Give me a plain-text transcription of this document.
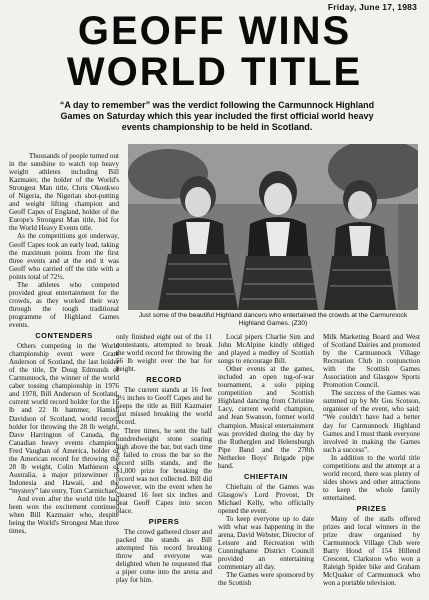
Friday, June 17, 1983
GEOFF WINS
WORLD TITLE
“A day to remember” was the verdict following the Carmunnock Highland Games on Saturday which this year included the first official world heavy events championship to be held in Scotland.
Just some of the beautiful Highland dancers who entertained the crowds at the Carmunnock Highland Games. (Z30)

Thousands of people turned out in the sunshine to watch top heavy weight athletes including Bill Kazmaier, the holder of the World's Strongest Man title, Chris Okonkwo of Nigeria, the Nigerian shot-putting and weight lifting champion and Geoff Capes of England, holder of the Europe's Strongest Man title, bid for the World Heavy Events title.

As the competitions got underway, Geoff Capes took an early lead, taking the maximum points from the first three events and at the end it was Geoff who carried off the title with a points total of 72½.

The athletes who competed provided great entertainment for the crowds, as they worked their way through the tough traditional programme of Highland Games events.

CONTENDERS

Others competing in the World championship event were Grant Anderson of Scotland, the last holder of the title, Dr Doug Edmunds of Carmunnock, the winner of the world caber tossing championship in 1976 and 1978, Bill Anderson of Scotland, current world record holder for the 16 lb and 22 lb hammer, Hamish Davidson of Scotland, world record holder for throwing the 28 lb weight, Dave Harrington of Canada, the Canadian heavy events champion, Fred Vaughan of America, holder of the American record for throwing the 28 lb weight, Colin Mathieson of Australia, a major prizewinner in Indonesia and Hawaii, and the “mystery” late entry, Tom Carmichael.

And even after the world title had been won the excitement continued when Bill Kazmaier who, despite being the World's Strongest Man three times,

only finished eight out of the 11 contestants, attempted to break the world record for throwing the 56 lb weight over the bar for height.

RECORD

The current stands at 16 feet 9½ inches to Geoff Capes and he keeps the title as Bill Kazmaier just missed breaking the world record.

Three times, he sent the half hundredweight stone soaring high above the bar, but each time it failed to cross the bar so the record stills stands, and the $1,000 prize for breaking the record was not collected. Bill did however, win the event when he cleared 16 feet six inches and beat Geoff Capes into secon place.

PIPERS

The crowd gathered closer and packed the stands as Bill attempted his record breaking throw and everyone was delighted when he requested that a piper come into the arena and play for him.

Local pipers Charlie Sim and John McAlpine kindly obliged and played a medley of Scottish songs to encourage Bill.

Other events at the games, included an open tug-of-war tournament, a solo piping competition and Scottish Highland dancing from Christine Lacy, current world champion, and Jean Swanson, former world champion. Musical entertainment was provided during the day by the Rutherglen and Helensburgh Pipe Band and the 278th Netherlee Boys' Brigade pipe band.

CHIEFTAIN

Chieftain of the Games was Glasgow's Lord Provost, Dr Michael Kelly, who officially opened the event.

To keep everyone up to date with what was happening in the arena, David Webster, Director of Leisure and Recreation with Cunninghame District Council provided an entertaining commentary all day.

The Games were sponsored by the Scottish

Milk Marketing Board and West of Scotland Dairies and promoted by the Carmunnock Village Recreation Club in conjunction with the Scottish Games Association and Glasgow Sports Promotion Council.

The success of the Games was summed up by Mr Gus Scotson, organiser of the event, who said: “We couldn't have had a better day for Carmunnock Highland Games and I must thank everyone involved in making the Games such a success”.

In addition to the world title competitions and the attempt at a world record, there was plenty of sides shows and other attractions to keep the whole family entertained.

PRIZES

Many of the stalls offered prizes and local winners in the prize draw organised by Carmunnock Village Club were Barry Hood of 154 Hillend Crescent, Clarkston who won a Raleigh Spider bike and Graham McQuaker of Carmunnock who won a portable television.
